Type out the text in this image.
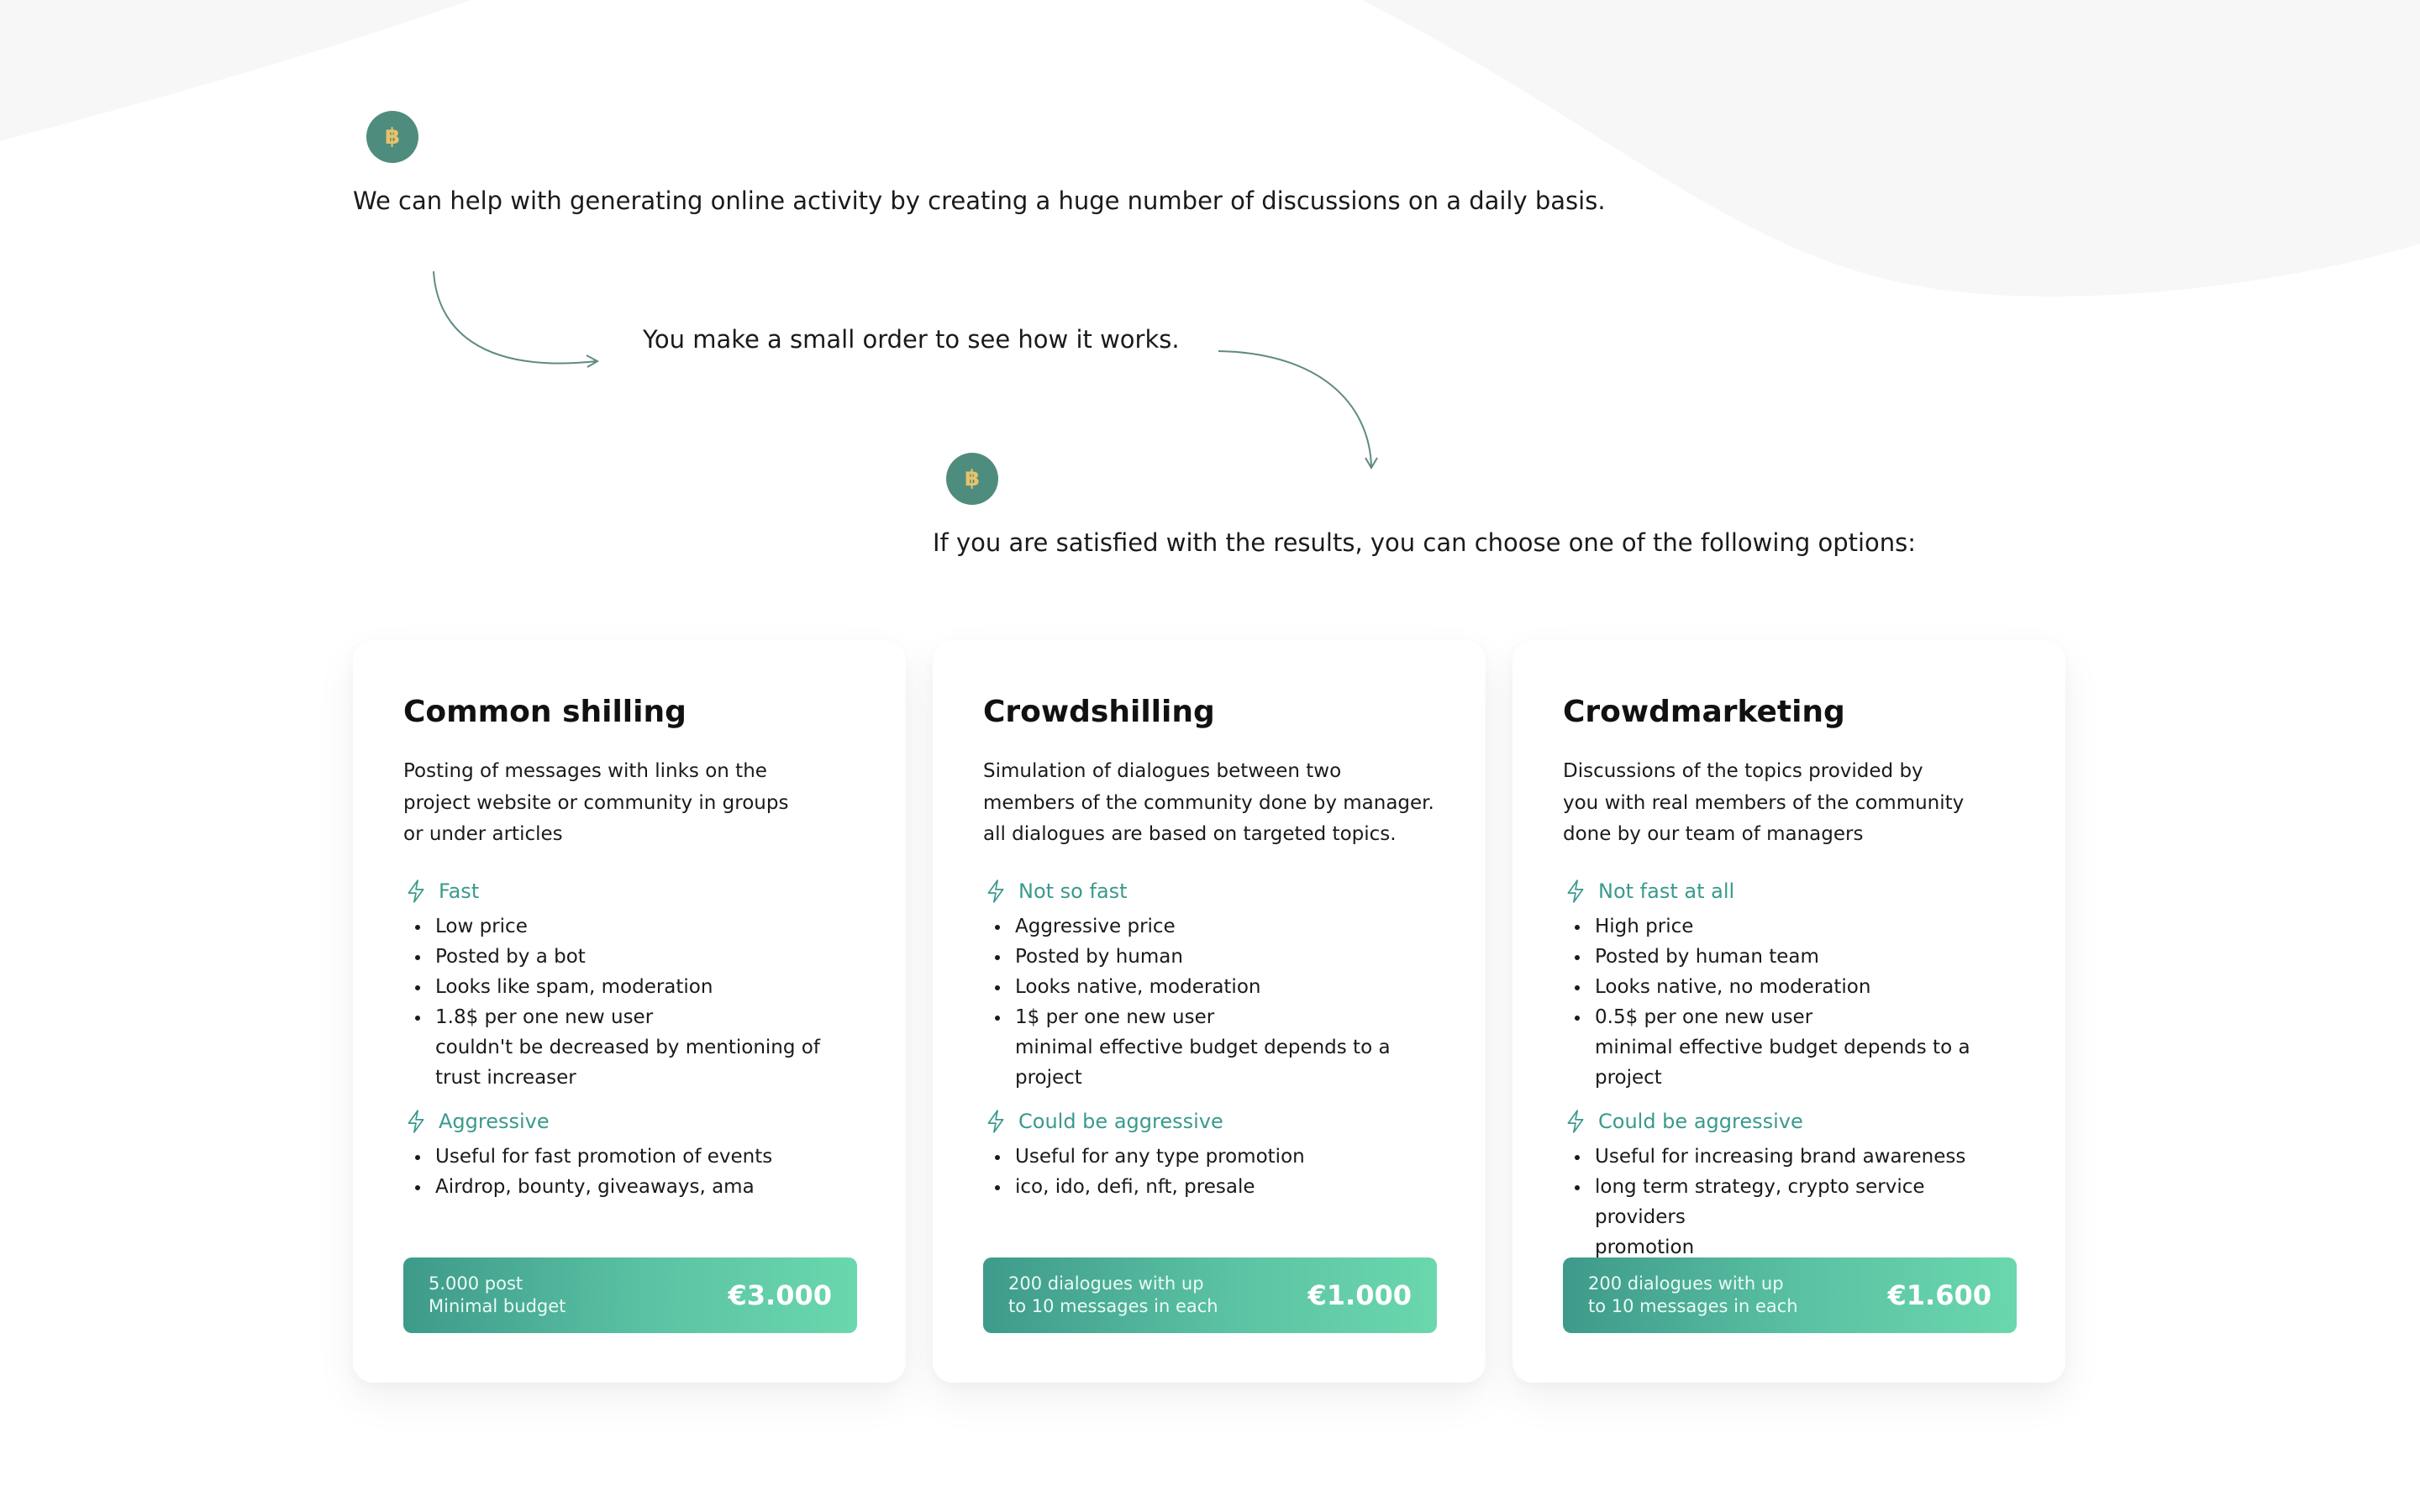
฿
We can help with generating online activity by creating a huge number of discussions on a daily basis.
You make a small order to see how it works.
฿
If you are satisfied with the results, you can choose one of the following options:
Common shilling

Posting of messages with links on the
project website or community in groups
or under articles

Fast
Low price
Posted by a bot
Looks like spam, moderation
1.8$ per one new user
couldn't be decreased by mentioning of
trust increaser
Aggressive
Useful for fast promotion of events
Airdrop, bounty, giveaways, ama
5.000 post
Minimal budget	€3.000
Crowdshilling

Simulation of dialogues between two
members of the community done by manager.
all dialogues are based on targeted topics.

Not so fast
Aggressive price
Posted by human
Looks native, moderation
1$ per one new user
minimal effective budget depends to a
project
Could be aggressive
Useful for any type promotion
ico, ido, defi, nft, presale
200 dialogues with up
to 10 messages in each	€1.000
Crowdmarketing

Discussions of the topics provided by
you with real members of the community
done by our team of managers

Not fast at all
High price
Posted by human team
Looks native, no moderation
0.5$ per one new user
minimal effective budget depends to a
project
Could be aggressive
Useful for increasing brand awareness
long term strategy, crypto service providers
promotion
200 dialogues with up
to 10 messages in each	€1.600
